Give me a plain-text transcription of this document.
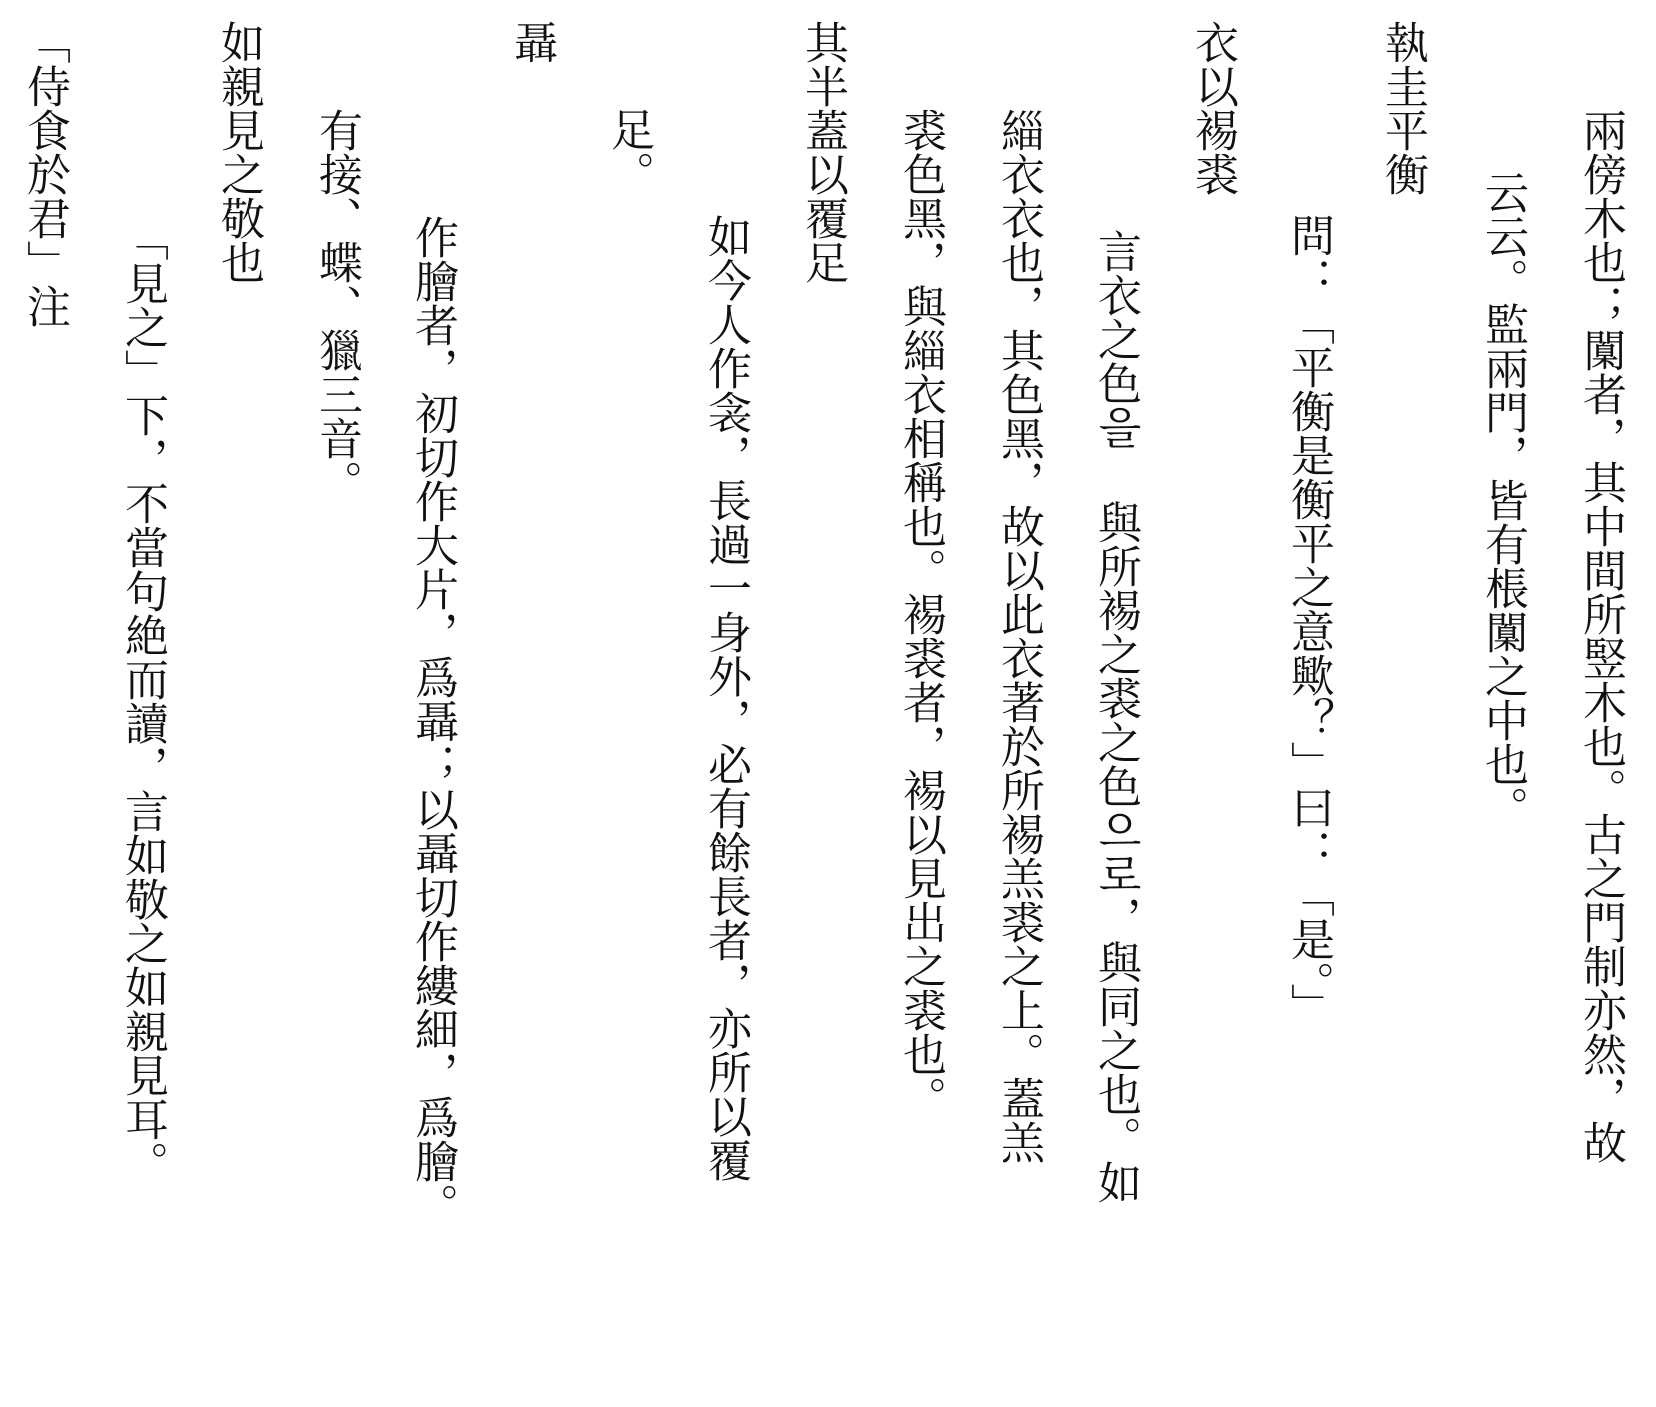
兩傍木也；闑者，其中間所竪木也。古之門制亦然，故
云云。監兩門，皆有棖闑之中也。
執圭平衡
問：「平衡是衡平之意歟？」曰：「是。」
衣以裼裘
言衣之色을 與所裼之裘之色으로，與同之也。如
緇衣衣也，其色黑，故以此衣著於所裼羔裘之上。蓋羔
裘色黑，與緇衣相稱也。裼裘者，裼以見出之裘也。
其半蓋以覆足
如今人作衾，長過一身外，必有餘長者，亦所以覆
足。
聶
作膾者，初切作大片，爲聶；以聶切作縷細，爲膾。
有接、蝶、獵三音。
如親見之敬也
「見之」下，不當句絶而讀，言如敬之如親見耳。
「侍食於君」注
